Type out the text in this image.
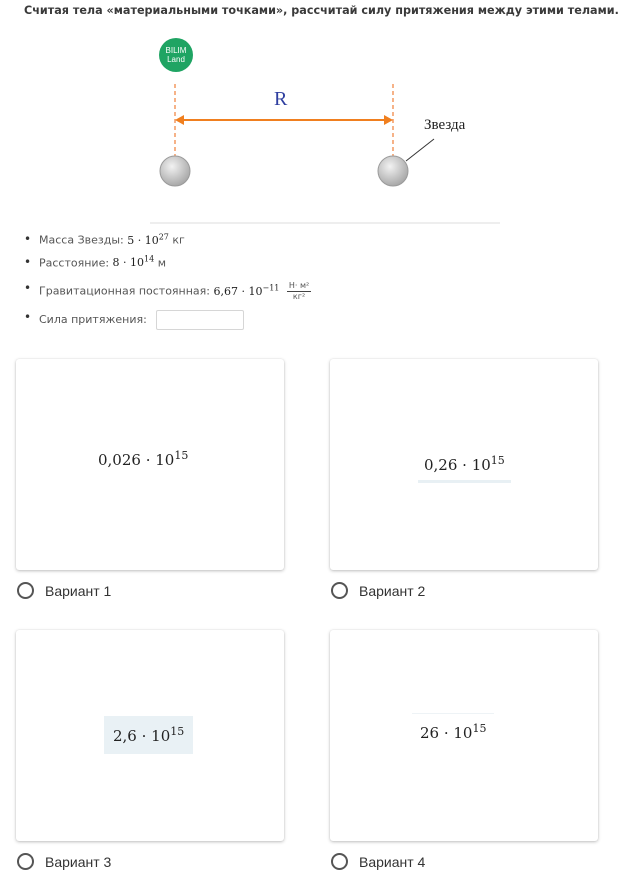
Считая тела «материальными точками», рассчитай силу притяжения между этими телами.
BILIM
Land
R
Звезда
• Масса Звезды: $5 \cdot 10^{27}$ кг
• Расстояние: $8 \cdot 10^{14}$ м
• Гравитационная постоянная: $6,67 \cdot 10^{-11} \frac{\text{Н· м²}}{\text{кг²}}$
• Сила притяжения:
$0,026 \cdot 10^{15}$
Вариант 1
$0,26 \cdot 10^{15}$
Вариант 2
$2,6 \cdot 10^{15}$
Вариант 3
$26 \cdot 10^{15}$
Вариант 4
